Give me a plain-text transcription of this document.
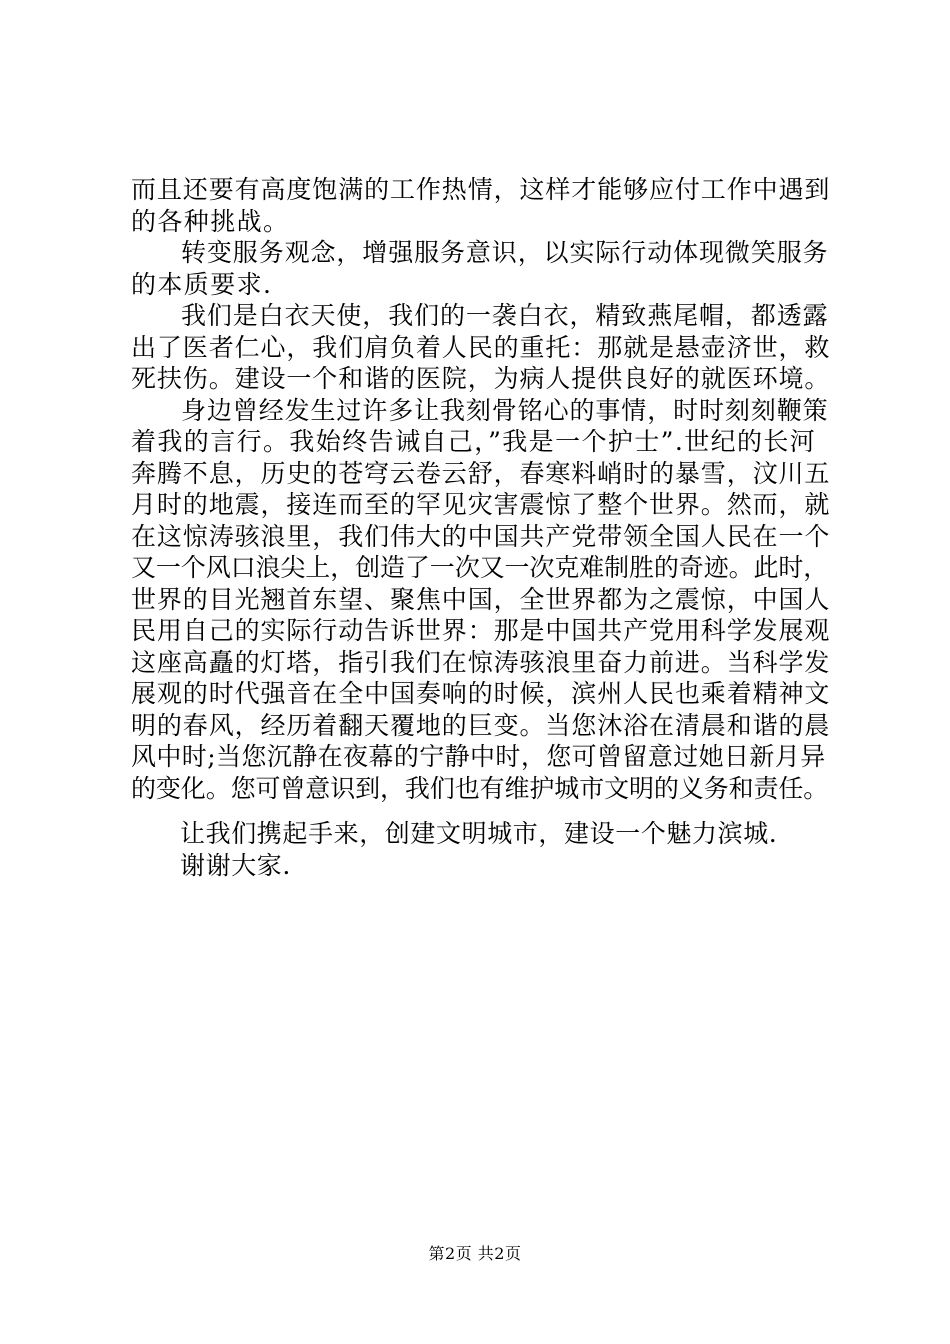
而且还要有高度饱满的工作热情，这样才能够应付工作中遇到
的各种挑战。
转变服务观念，增强服务意识，以实际行动体现微笑服务
的本质要求.
我们是白衣天使，我们的一袭白衣，精致燕尾帽，都透露
出了医者仁心，我们肩负着人民的重托：那就是悬壶济世，救
死扶伤。建设一个和谐的医院，为病人提供良好的就医环境。
身边曾经发生过许多让我刻骨铭心的事情，时时刻刻鞭策
着我的言行。我始终告诫自己，”我是一个护士”.世纪的长河
奔腾不息，历史的苍穹云卷云舒，春寒料峭时的暴雪，汶川五
月时的地震，接连而至的罕见灾害震惊了整个世界。然而，就
在这惊涛骇浪里，我们伟大的中国共产党带领全国人民在一个
又一个风口浪尖上，创造了一次又一次克难制胜的奇迹。此时，
世界的目光翘首东望、聚焦中国，全世界都为之震惊，中国人
民用自己的实际行动告诉世界：那是中国共产党用科学发展观
这座高矗的灯塔，指引我们在惊涛骇浪里奋力前进。当科学发
展观的时代强音在全中国奏响的时候，滨州人民也乘着精神文
明的春风，经历着翻天覆地的巨变。当您沐浴在清晨和谐的晨
风中时;当您沉静在夜幕的宁静中时，您可曾留意过她日新月异
的变化。您可曾意识到，我们也有维护城市文明的义务和责任。
让我们携起手来，创建文明城市，建设一个魅力滨城.
谢谢大家.
第2页 共2页
